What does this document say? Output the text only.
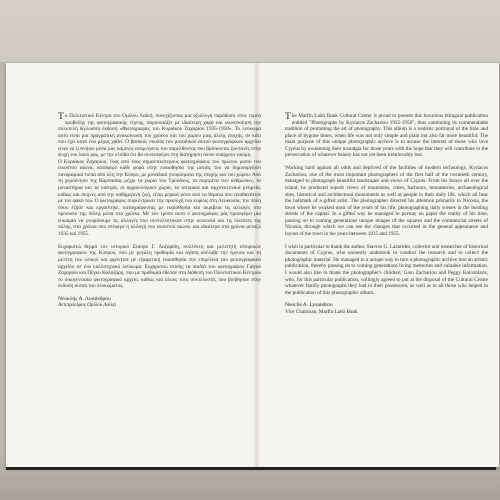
Το Πολιτιστικό Κέντρο του Ομίλου Λαϊκή, συνεχίζοντας μια αξιόλογη παράδοση στον τομέα προβολής της φωτογραφικής τέχνης, παρουσιάζει με ιδιαίτερη χαρά και ικανοποίηση την πολυτελή δίγλωσση έκδοση «Φωτογραφίες του Κυριάκου Ζαχαρίου 1935-1950». Το λεύκωμα αυτό είναι μια πραγματική ανακοίνωση του χρόνου και του χώρου μιας άλλης εποχής, σε κάτι που έχει κατά ένα μέρος χαθεί. Ο βασικός σκοπός του μοναδικού αυτού φωτογραφικού αρχείου είναι να ξυπνήσει μέσα μας καμένες αναμνήσεις του παρελθόντος που βρίσκονται ζωντανές στην ψυχή του λαού μας, με την ελπίδα ότι θα συνεισφέρει στη διατήρηση όσων υπάρχουν ακόμη.

Ο Κυριάκος Ζαχαρίου, ένας από τους σημαντικότερους φωτογράφους του πρώτου μισού του εικοστού αιώνα, κατάφερε κάθε φορά στην ευαισθησία της ματιάς του να δημιουργήσει πανοραμικά τοπία από όλη την Κύπρο, με μοναδικά γνωρίσματα της εποχής και του χώρου. Από τη χερσόνησο της Καρπασίας μέχρι τα χωριά του Τροόδους, τα πορτρέτα των ανθρώπων, τα μοναστήρια και τα κάστρα, οι αρχαιολογικοί χώροι, τα ιστορικά και αρχιτεκτονικά μνημεία, καθώς και σκηνές από την καθημερινή ζωή, είναι μερικά μόνο από τα θέματα που απαθανάτισε με τον φακό του. Ο φωτογράφος συγκέντρωσε την προσοχή του κυρίως στη Λευκωσία, την πόλη όπου έζησε και εργάστηκε, καταγράφοντας με ευαισθησία και ακρίβεια τις αλλαγές στο πρόσωπο της πόλης μέσα στα χρόνια. Με τον τρόπο αυτό ο φωτογράφος μάς προσφέρει μια ευκαιρία να γνωρίσουμε τις αλλαγές που συντελέστηκαν στην κοινωνία και τις πλατείες της πόλης, στα χρόνια που επέφερε η αλλαγή του εικοστού αιώνα, και ιδιαίτερα στα χρόνια μεταξύ 1935 και 1955.

Ευχαριστώ θερμά τον ιστορικό Σταύρο Γ. Λαζαρίδη, συλλέκτη και μελετητή ιστορικών φωτογραφιών της Κύπρου, που με μεγάλη προθυμία και αγάπη ανέλαβε την έρευνα και τη μελέτη του υλικού και φρόντισε με εξαιρετική ευαισθησία την επιμέλεια του φωτογραφικού αρχείου σε ένα καλλιτεχνικό λεύκωμα. Ευχαριστώ επίσης τα παιδιά του φωτογράφου Γιάγκο Ζαχαρίου και Πέγκυ Καλοζάρη, που με προθυμία έθεσαν στη διάθεση του Πολιτιστικού Κέντρου το οικογενειακό φωτογραφικό αρχείο, καθώς και όλους τους συντελεστές που βοήθησαν στην έκδοση αυτού του λευκώματος.

Νεοκλής Α. Λυσάνδρου

Αντιπρόεδρος Ομίλου Λαϊκή

The Marfin Laiki Bank Cultural Center is proud to present this luxurious bilingual publication entitled "Photographs by Kyriacos Zachariou 1935-1950", thus continuing its commendable tradition of promoting the art of photography. This album is a realistic portrayal of the time and place of bygone times, when life was not only simple and plain but also far more beautiful. The main purpose of this unique photographic archive is to arouse the interest of those who love Cyprus by awakening their nostalgia for those years with the hope that they will contribute to the preservation of whatever beauty has not yet been irretrievably lost.

Working hard against all odds and deprived of the facilities of modern technology, Kyriacos Zachariou, one of the most important photographers of the first half of the twentieth century, managed to photograph beautiful landscapes and views of Cyprus. From his forays all over the island, he produced superb views of mountains, cities, harbours, monasteries, archaeological sites, historical and architectural monuments as well as people in their daily life, which all bear the hallmark of a gifted artist. The photographer directed his attention primarily to Nicosia, the town where he worked most of the years of his life, photographing daily scenes in the bustling streets of the capital. In a gifted way he managed to portray on paper the reality of his time, passing on to coming generations unique images of the squares and the commercial streets of Nicosia, through which we can see the changes that occurred in the general appearance and layout of the town in the years between 1935 and 1955.

I wish in particular to thank the author, Stavros G. Lazarides, collector and researcher of historical documents of Cyprus, who earnestly undertook to conduct the research and to collect the photographic material. He managed in a unique way to turn a photographic archive into an artistic publication, thereby passing on to coming generations living memories and valuable information. I would also like to thank the photographer's children, Gaio Zachariou and Peggy Kalozidaris, who, for this particular publication, willingly agreed to put at the disposal of the Cultural Centre whatever family photographs they had in their possession, as well as to all those who helped in the publication of this photographic album.

Neoclis A. Lysandrou

Vice Chairman, Marfin Laiki Bank
